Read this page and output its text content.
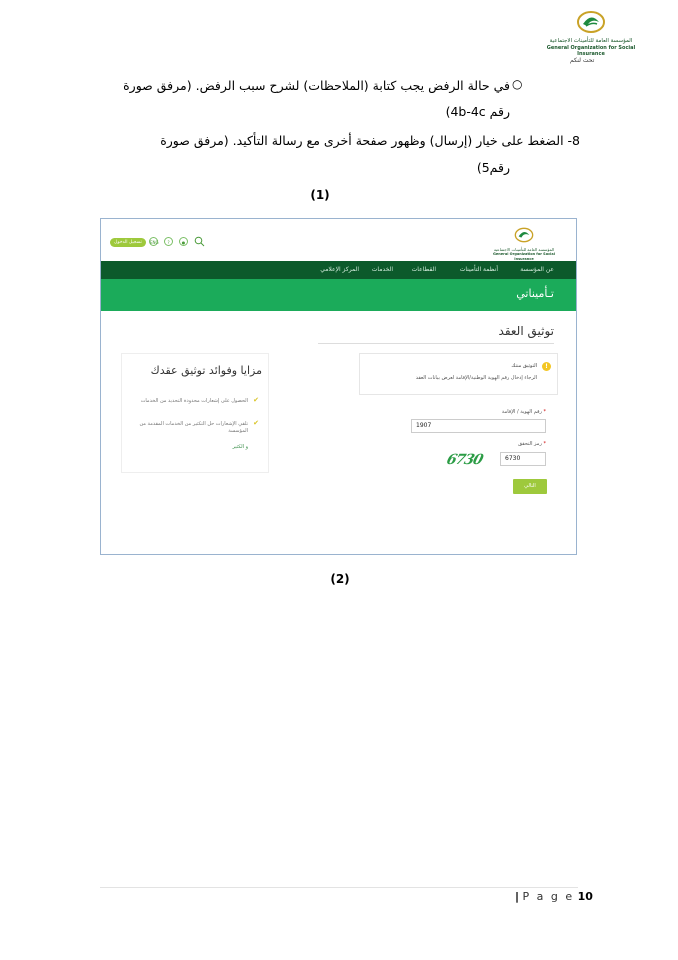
المؤسسة العامة للتأمينات الاجتماعية
General Organization for Social Insurance
تحت لنكم
في حالة الرفض يجب كتابة (الملاحظات) لشرح سبب الرفض. (مرفق صورة ○
رقم 4b-4c)
8- الضغط على خيار (إرسال) وظهور صفحة أخرى مع رسالة التأكيد. (مرفق صورة
رقم5)
(1)
تسجيل الدخول	ENG	?	●
المؤسسة العامة للتأمينات الاجتماعية
General Organization for Social Insurance
عن المؤسسة
أنظمة التأمينات
القطاعات
الخدمات
المركز الإعلامي
تـأميناتي
توثيق العقد
!
التوثيق منتك
الرجاء إدخال رقم الهوية الوطنية/الإقامة لعرض بيانات العقد
* رقم الهوية / الإقامة
1907
* رمز التحقق
6730	6730
التالي
مزايا وفوائد توثيق عقدك
✔
الحصول على إشعارات محدودة التحديد من الخدمات
✔
تلقي الإشعارات حل التكثير من الخدمات المقدمة من المؤسسة
و الكثير
(2)
| P a g e 10
